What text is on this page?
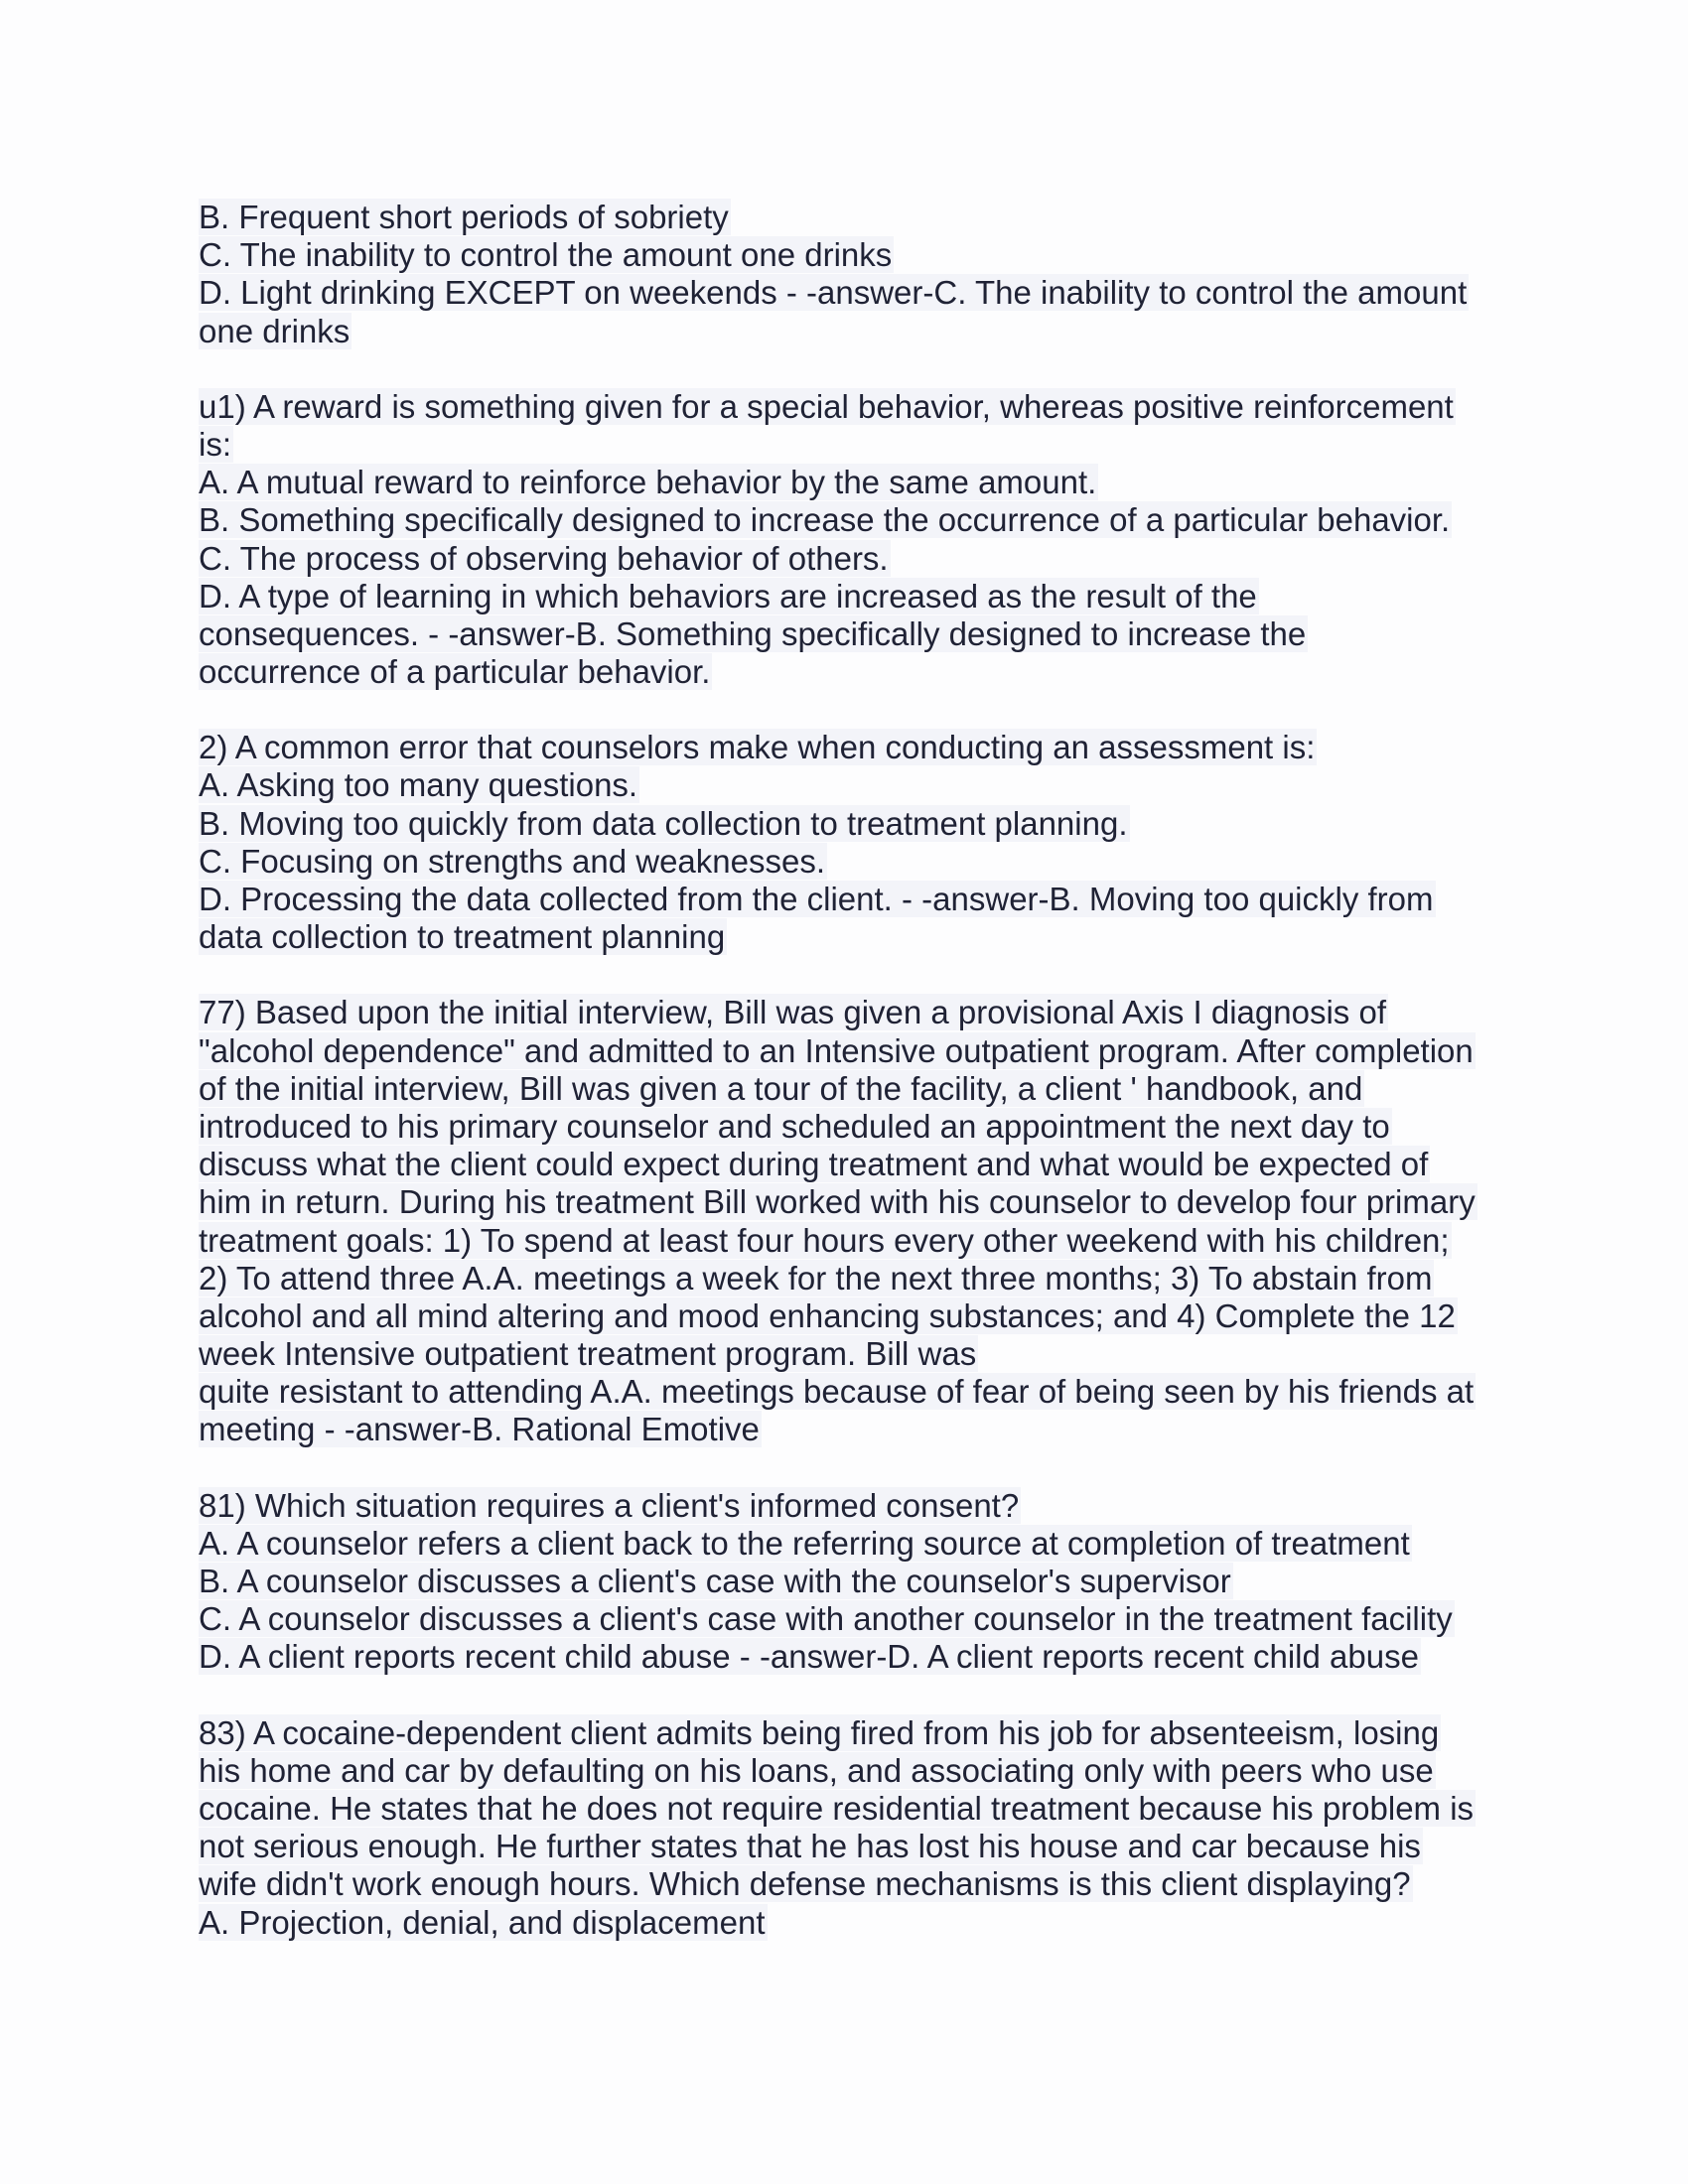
B. Frequent short periods of sobriety
C. The inability to control the amount one drinks
D. Light drinking EXCEPT on weekends - -answer-C. The inability to control the amount
one drinks
u1) A reward is something given for a special behavior, whereas positive reinforcement
is:
A. A mutual reward to reinforce behavior by the same amount.
B. Something specifically designed to increase the occurrence of a particular behavior.
C. The process of observing behavior of others.
D. A type of learning in which behaviors are increased as the result of the
consequences. - -answer-B. Something specifically designed to increase the
occurrence of a particular behavior.
2) A common error that counselors make when conducting an assessment is:
A. Asking too many questions.
B. Moving too quickly from data collection to treatment planning.
C. Focusing on strengths and weaknesses.
D. Processing the data collected from the client. - -answer-B. Moving too quickly from
data collection to treatment planning
77) Based upon the initial interview, Bill was given a provisional Axis I diagnosis of
"alcohol dependence" and admitted to an Intensive outpatient program. After completion
of the initial interview, Bill was given a tour of the facility, a client ' handbook, and
introduced to his primary counselor and scheduled an appointment the next day to
discuss what the client could expect during treatment and what would be expected of
him in return. During his treatment Bill worked with his counselor to develop four primary
treatment goals: 1) To spend at least four hours every other weekend with his children;
2) To attend three A.A. meetings a week for the next three months; 3) To abstain from
alcohol and all mind altering and mood enhancing substances; and 4) Complete the 12
week Intensive outpatient treatment program. Bill was
quite resistant to attending A.A. meetings because of fear of being seen by his friends at
meeting - -answer-B. Rational Emotive
81) Which situation requires a client's informed consent?
A. A counselor refers a client back to the referring source at completion of treatment
B. A counselor discusses a client's case with the counselor's supervisor
C. A counselor discusses a client's case with another counselor in the treatment facility
D. A client reports recent child abuse - -answer-D. A client reports recent child abuse
83) A cocaine-dependent client admits being fired from his job for absenteeism, losing
his home and car by defaulting on his loans, and associating only with peers who use
cocaine. He states that he does not require residential treatment because his problem is
not serious enough. He further states that he has lost his house and car because his
wife didn't work enough hours. Which defense mechanisms is this client displaying?
A. Projection, denial, and displacement
